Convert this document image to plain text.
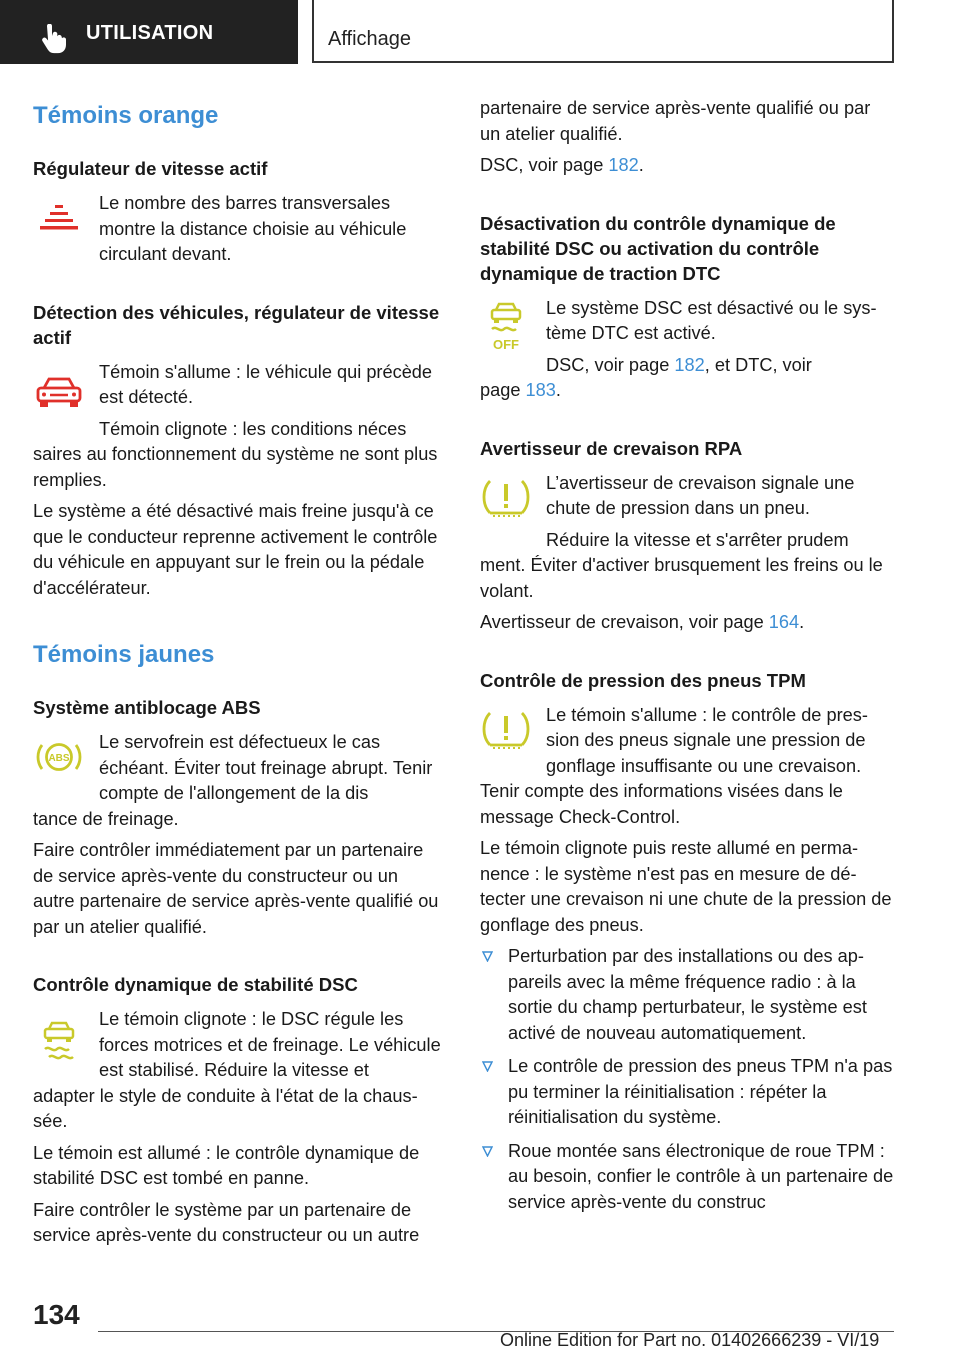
UTILISATION	Affichage
Témoins orange
Régulateur de vitesse actif

Le nombre des barres transversales montre la distance choisie au véhicule circulant devant.

Détection des véhicules, régulateur de vitesse actif

Témoin s'allume : le véhicule qui précède est détecté.

Témoin clignote : les conditions néces

saires au fonctionnement du système ne sont plus remplies.

Le système a été désactivé mais freine jusqu'à ce que le conducteur reprenne activement le contrôle du véhicule en appuyant sur le frein ou la pédale d'accélérateur.

Témoins jaunes
Système antiblocage ABS
ABS

Le servofrein est défectueux le cas échéant. Éviter tout freinage abrupt. Tenir compte de l'allongement de la dis

tance de freinage.

Faire contrôler immédiatement par un partenaire de service après-vente du constructeur ou un autre partenaire de service après-vente qualifié ou par un atelier qualifié.

Contrôle dynamique de stabilité DSC

Le témoin clignote : le DSC régule les forces motrices et de freinage. Le véhicule est stabilisé. Réduire la vitesse et

adapter le style de conduite à l'état de la chaussée.

Le témoin est allumé : le contrôle dynamique de stabilité DSC est tombé en panne.

Faire contrôler le système par un partenaire de service après-vente du constructeur ou un autre

partenaire de service après-vente qualifié ou par un atelier qualifié.

DSC, voir page 182.

Désactivation du contrôle dynamique de stabilité DSC ou activation du contrôle dynamique de traction DTC
OFF

Le système DSC est désactivé ou le système DTC est activé.

DSC, voir page 182, et DTC, voir

page 183.

Avertisseur de crevaison RPA

L’avertisseur de crevaison signale une chute de pression dans un pneu.

Réduire la vitesse et s'arrêter prudem

ment. Éviter d'activer brusquement les freins ou le volant.

Avertisseur de crevaison, voir page 164.

Contrôle de pression des pneus TPM

Le témoin s'allume : le contrôle de pression des pneus signale une pression de gonflage insuffisante ou une crevaison.

Tenir compte des informations visées dans le message Check-Control.

Le témoin clignote puis reste allumé en permanence : le système n'est pas en mesure de détecter une crevaison ni une chute de la pression de gonflage des pneus.

Perturbation par des installations ou des appareils avec la même fréquence radio : à la sortie du champ perturbateur, le système est activé de nouveau automatiquement.
Le contrôle de pression des pneus TPM n'a pas pu terminer la réinitialisation : répéter la réinitialisation du système.
Roue montée sans électronique de roue TPM : au besoin, confier le contrôle à un partenaire de service après-vente du construc
134
Online Edition for Part no. 01402666239 - VI/19
